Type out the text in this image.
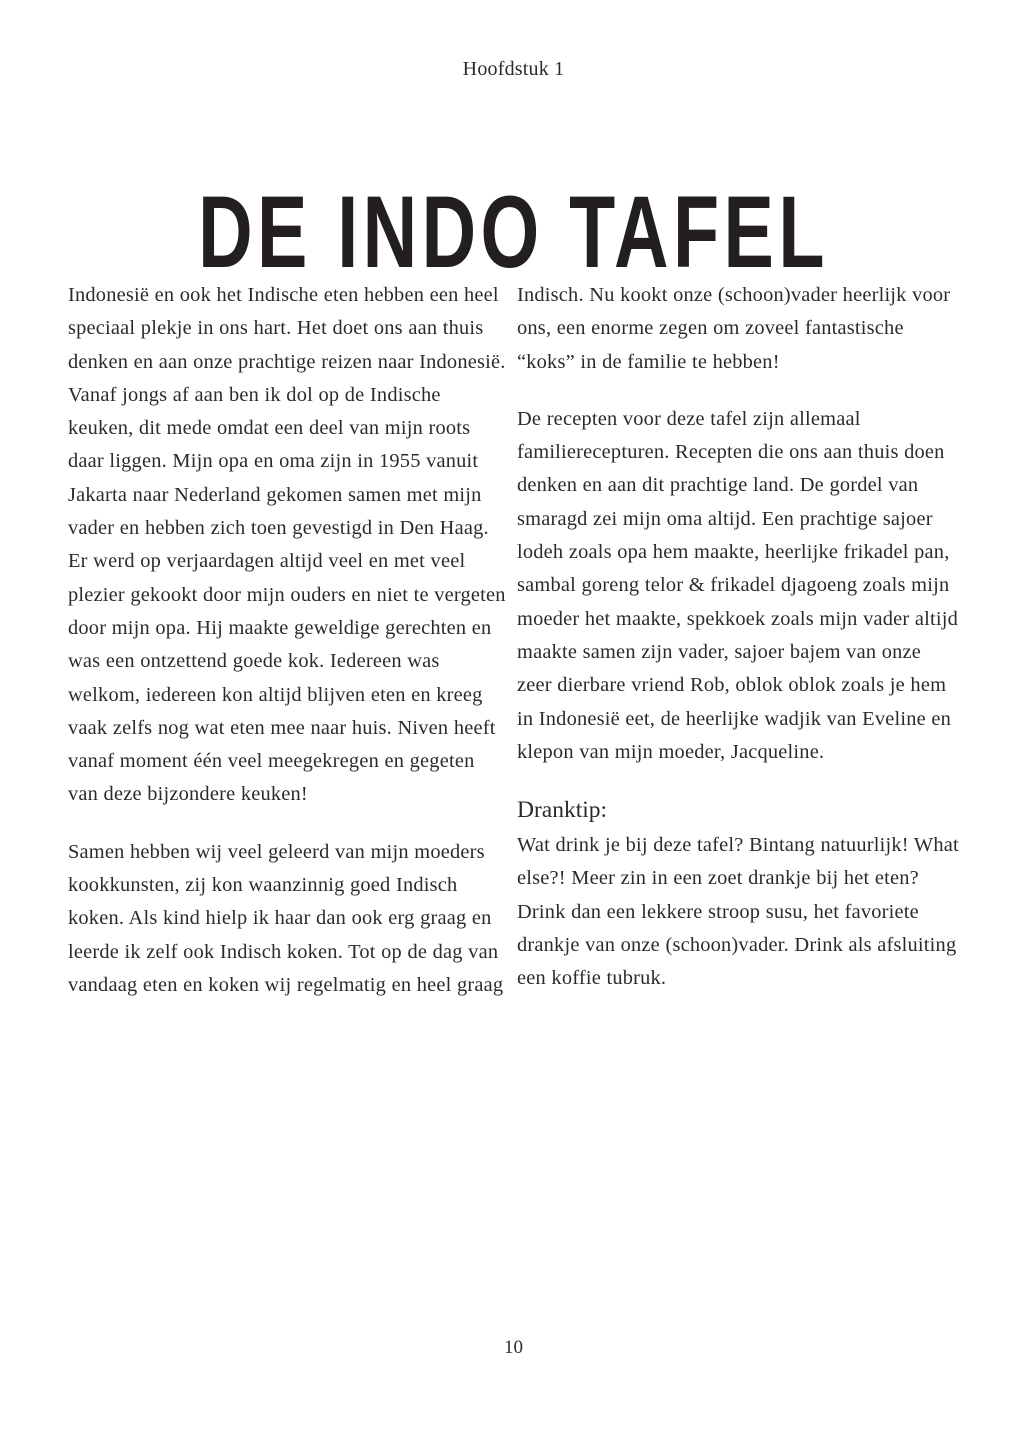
Hoofdstuk 1
DE INDO TAFEL

Indonesië en ook het Indische eten hebben een heel speciaal plekje in ons hart. Het doet ons aan thuis denken en aan onze prachtige reizen naar Indonesië. Vanaf jongs af aan ben ik dol op de Indische keuken, dit mede omdat een deel van mijn roots daar liggen. Mijn opa en oma zijn in 1955 vanuit Jakarta naar Nederland gekomen samen met mijn vader en hebben zich toen gevestigd in Den Haag. Er werd op verjaardagen altijd veel en met veel plezier gekookt door mijn ouders en niet te vergeten door mijn opa. Hij maakte geweldige gerechten en was een ontzettend goede kok. Iedereen was welkom, iedereen kon altijd blijven eten en kreeg vaak zelfs nog wat eten mee naar huis. Niven heeft vanaf moment één veel meegekregen en gegeten van deze bijzondere keuken!

Samen hebben wij veel geleerd van mijn moeders kookkunsten, zij kon waanzinnig goed Indisch koken. Als kind hielp ik haar dan ook erg graag en leerde ik zelf ook Indisch koken. Tot op de dag van vandaag eten en koken wij regelmatig en heel graag

Indisch. Nu kookt onze (schoon)vader heerlijk voor ons, een enorme zegen om zoveel fantastische “koks” in de familie te hebben!

De recepten voor deze tafel zijn allemaal familierecepturen. Recepten die ons aan thuis doen denken en aan dit prachtige land. De gordel van smaragd zei mijn oma altijd. Een prachtige sajoer lodeh zoals opa hem maakte, heerlijke frikadel pan, sambal goreng telor & frikadel djagoeng zoals mijn moeder het maakte, spekkoek zoals mijn vader altijd maakte samen zijn vader, sajoer bajem van onze zeer dierbare vriend Rob, oblok oblok zoals je hem in Indonesië eet, de heerlijke wadjik van Eveline en klepon van mijn moeder, Jacqueline.

Dranktip:

Wat drink je bij deze tafel? Bintang natuurlijk! What else?! Meer zin in een zoet drankje bij het eten? Drink dan een lekkere stroop susu, het favoriete drankje van onze (schoon)vader. Drink als afsluiting een koffie tubruk.

10
